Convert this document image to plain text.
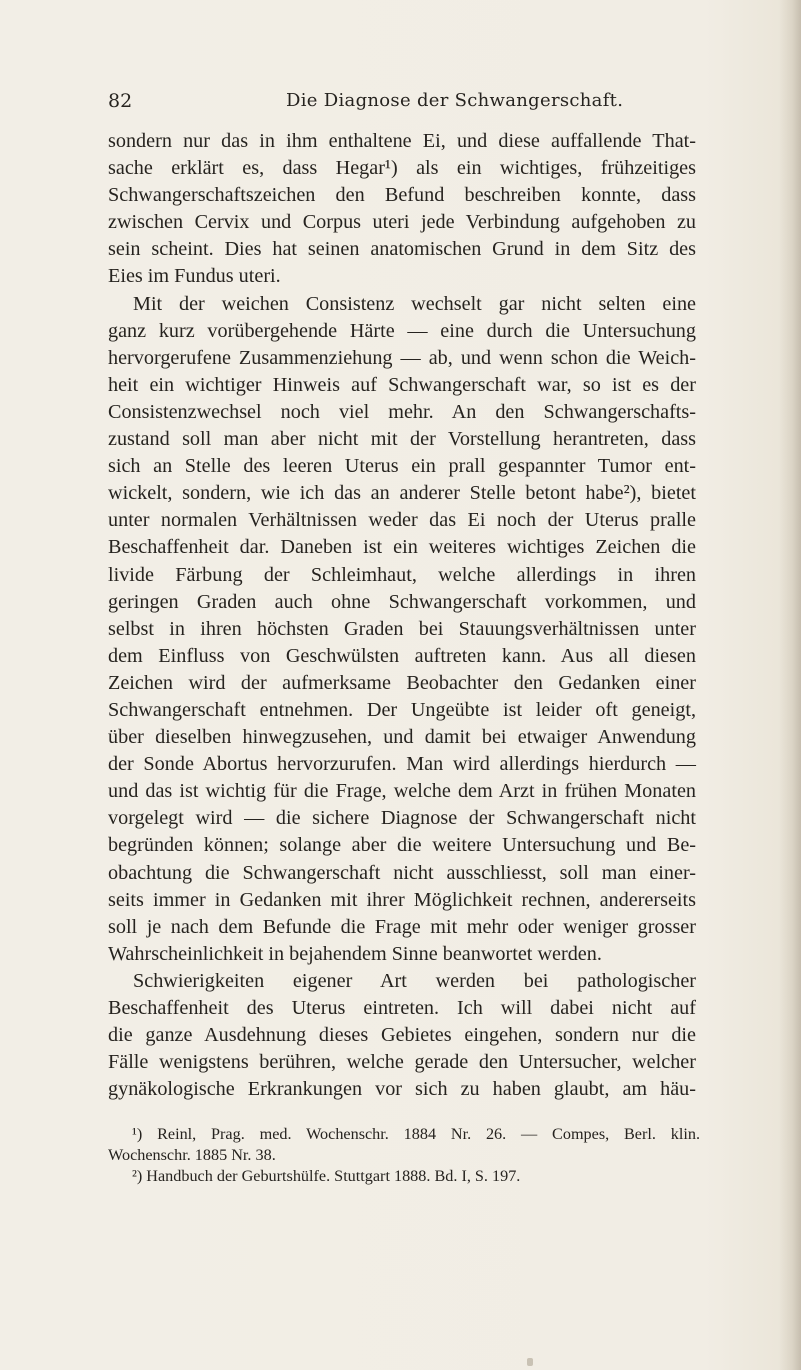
82	Die Diagnose der Schwangerschaft.
sondern nur das in ihm enthaltene Ei, und diese auffallende That-
sache erklärt es, dass Hegar¹) als ein wichtiges, frühzeitiges
Schwangerschaftszeichen den Befund beschreiben konnte, dass
zwischen Cervix und Corpus uteri jede Verbindung aufgehoben zu
sein scheint. Dies hat seinen anatomischen Grund in dem Sitz des
Eies im Fundus uteri.
Mit der weichen Consistenz wechselt gar nicht selten eine
ganz kurz vorübergehende Härte — eine durch die Untersuchung
hervorgerufene Zusammenziehung — ab, und wenn schon die Weich-
heit ein wichtiger Hinweis auf Schwangerschaft war, so ist es der
Consistenzwechsel noch viel mehr. An den Schwangerschafts-
zustand soll man aber nicht mit der Vorstellung herantreten, dass
sich an Stelle des leeren Uterus ein prall gespannter Tumor ent-
wickelt, sondern, wie ich das an anderer Stelle betont habe²), bietet
unter normalen Verhältnissen weder das Ei noch der Uterus pralle
Beschaffenheit dar. Daneben ist ein weiteres wichtiges Zeichen die
livide Färbung der Schleimhaut, welche allerdings in ihren
geringen Graden auch ohne Schwangerschaft vorkommen, und
selbst in ihren höchsten Graden bei Stauungsverhältnissen unter
dem Einfluss von Geschwülsten auftreten kann. Aus all diesen
Zeichen wird der aufmerksame Beobachter den Gedanken einer
Schwangerschaft entnehmen. Der Ungeübte ist leider oft geneigt,
über dieselben hinwegzusehen, und damit bei etwaiger Anwendung
der Sonde Abortus hervorzurufen. Man wird allerdings hierdurch —
und das ist wichtig für die Frage, welche dem Arzt in frühen Monaten
vorgelegt wird — die sichere Diagnose der Schwangerschaft nicht
begründen können; solange aber die weitere Untersuchung und Be-
obachtung die Schwangerschaft nicht ausschliesst, soll man einer-
seits immer in Gedanken mit ihrer Möglichkeit rechnen, andererseits
soll je nach dem Befunde die Frage mit mehr oder weniger grosser
Wahrscheinlichkeit in bejahendem Sinne beanwortet werden.
Schwierigkeiten eigener Art werden bei pathologischer
Beschaffenheit des Uterus eintreten. Ich will dabei nicht auf
die ganze Ausdehnung dieses Gebietes eingehen, sondern nur die
Fälle wenigstens berühren, welche gerade den Untersucher, welcher
gynäkologische Erkrankungen vor sich zu haben glaubt, am häu-
¹) Reinl, Prag. med. Wochenschr. 1884 Nr. 26. — Compes, Berl. klin.
Wochenschr. 1885 Nr. 38.
²) Handbuch der Geburtshülfe. Stuttgart 1888. Bd. I, S. 197.
